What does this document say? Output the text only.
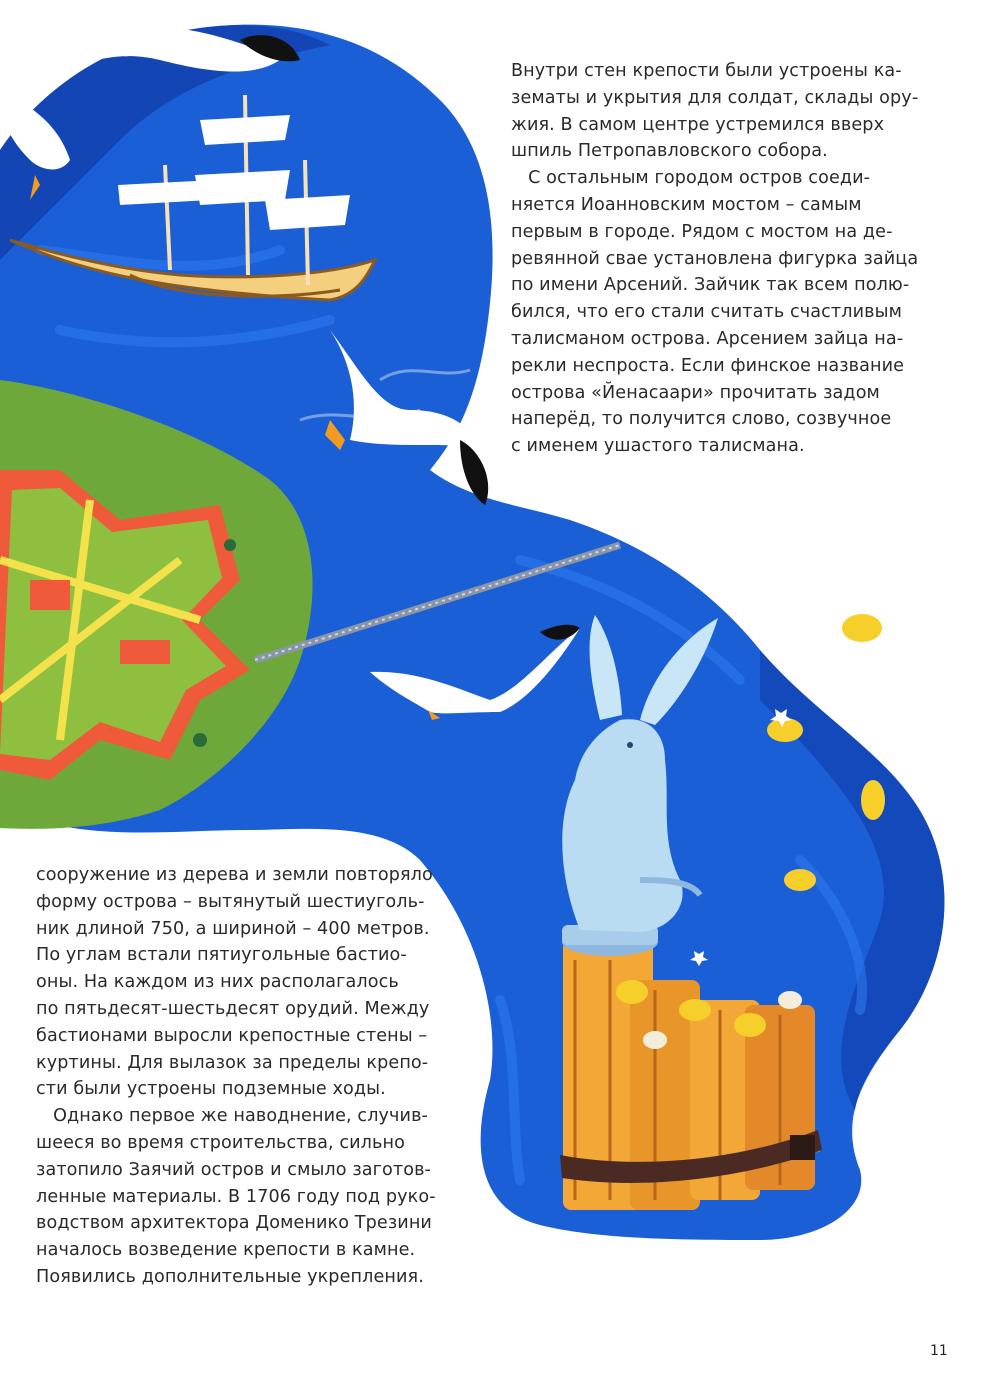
Внутри стен крепости были устроены ка-
зематы и укрытия для солдат, склады ору-
жия. В самом центре устремился вверх
шпиль Петропавловского собора.
С остальным городом остров соеди-
няется Иоанновским мостом – самым
первым в городе. Рядом с мостом на де-
ревянной свае установлена фигурка зайца
по имени Арсений. Зайчик так всем полю-
бился, что его стали считать счастливым
талисманом острова. Арсением зайца на-
рекли неспроста. Если финское название
острова «Йенасаари» прочитать задом
наперёд, то получится слово, созвучное
с именем ушастого талисмана.
сооружение из дерева и земли повторяло
форму острова – вытянутый шестиуголь-
ник длиной 750, а шириной – 400 метров.
По углам встали пятиугольные бастио-
оны. На каждом из них располагалось
по пятьдесят-шестьдесят орудий. Между
бастионами выросли крепостные стены –
куртины. Для вылазок за пределы крепо-
сти были устроены подземные ходы.
Однако первое же наводнение, случив-
шееся во время строительства, сильно
затопило Заячий остров и смыло заготов-
ленные материалы. В 1706 году под руко-
водством архитектора Доменико Трезини
началось возведение крепости в камне.
Появились дополнительные укрепления.
11
